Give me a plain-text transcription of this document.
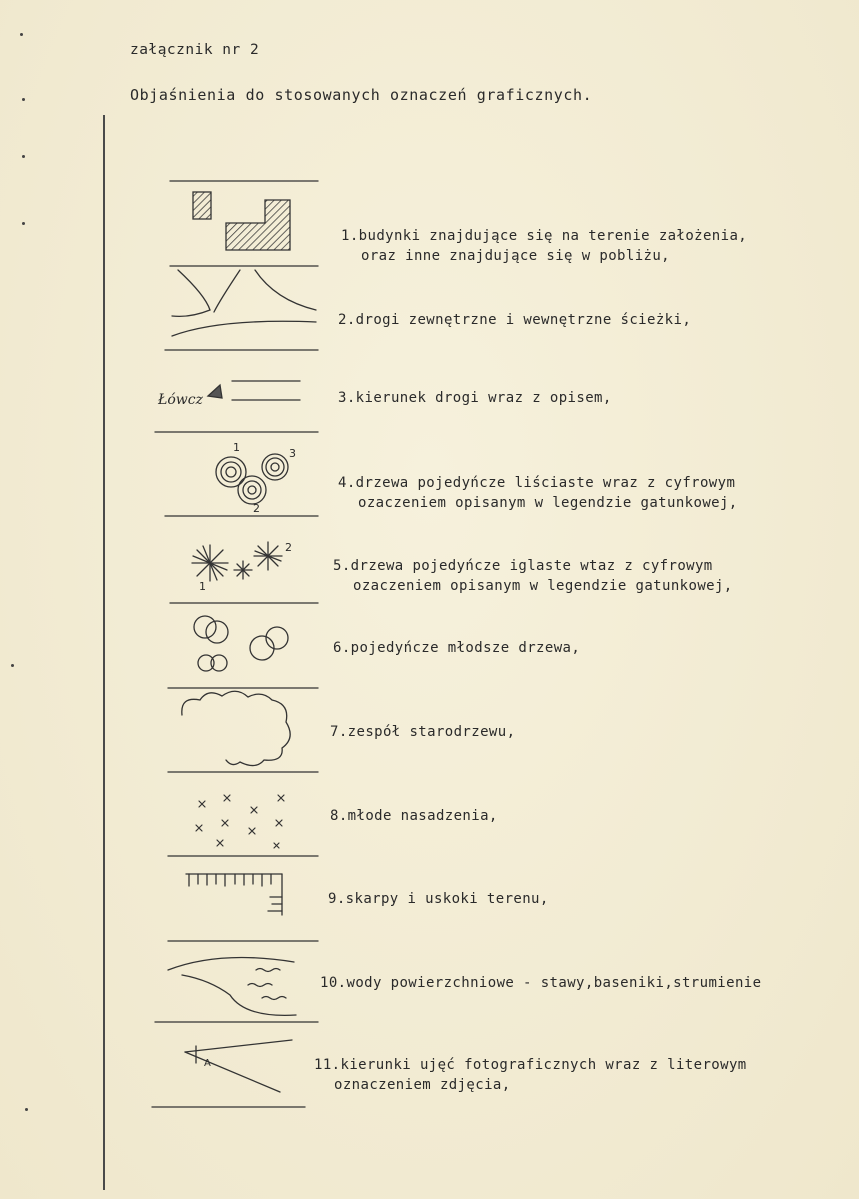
załącznik nr 2
Objaśnienia do stosowanych oznaczeń graficznych.
1.budynki znajdujące się na terenie założenia,
oraz inne znajdujące się w pobliżu,
2.drogi zewnętrzne i wewnętrzne ścieżki,
3.kierunek drogi wraz z opisem,
4.drzewa pojedyńcze liściaste wraz z cyfrowym
ozaczeniem opisanym w legendzie gatunkowej,
5.drzewa pojedyńcze iglaste wtaz z cyfrowym
ozaczeniem opisanym w legendzie gatunkowej,
6.pojedyńcze młodsze drzewa,
7.zespół starodrzewu,
8.młode nasadzenia,
9.skarpy i uskoki terenu,
10.wody powierzchniowe - stawy,baseniki,strumienie
11.kierunki ujęć fotograficznych wraz z literowym
oznaczeniem zdjęcia,
Łówcz
1	3
2
2
1
A
